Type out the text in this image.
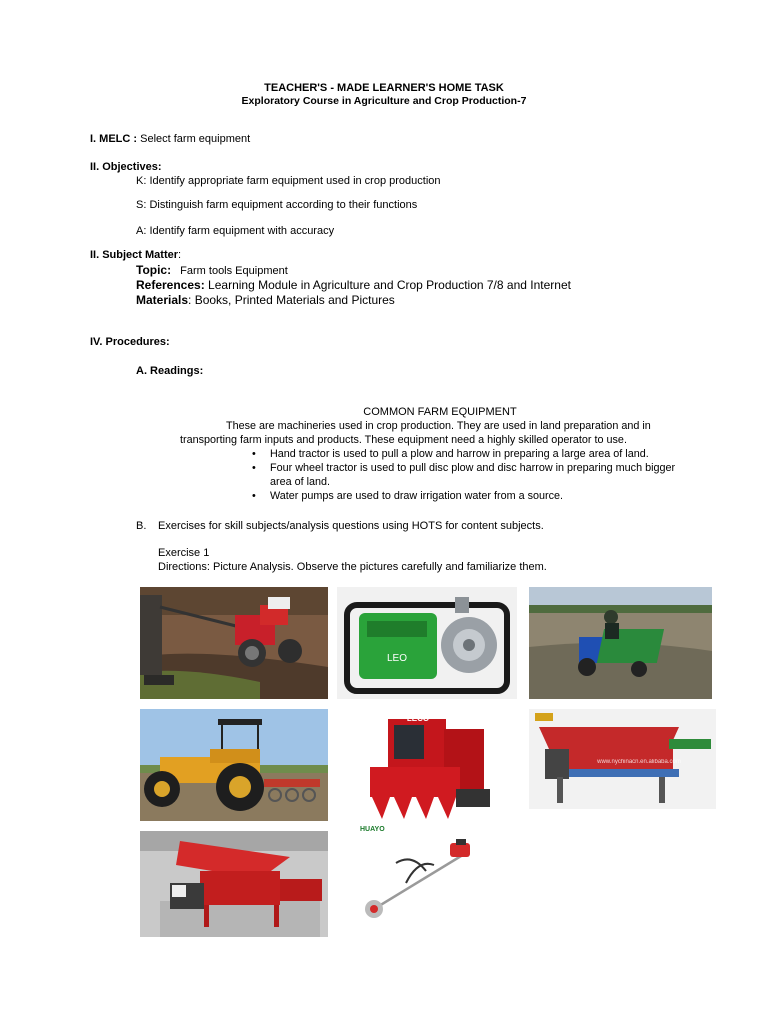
TEACHER'S - MADE LEARNER'S HOME TASK
Exploratory Course in Agriculture and Crop Production-7
I. MELC : Select farm equipment
II. Objectives:
K: Identify appropriate farm equipment used in crop production
S: Distinguish farm equipment according to their functions
A: Identify farm equipment with accuracy
II. Subject Matter:
Topic: Farm tools Equipment
References: Learning Module in Agriculture and Crop Production 7/8 and Internet
Materials: Books, Printed Materials and Pictures
IV. Procedures:
A. Readings:
COMMON FARM EQUIPMENT
These are machineries used in crop production. They are used in land preparation and in transporting farm inputs and products. These equipment need a highly skilled operator to use.
• Hand tractor is used to pull a plow and harrow in preparing a large area of land.
• Four wheel tractor is used to pull disc plow and disc harrow in preparing much bigger area of land.
• Water pumps are used to draw irrigation water from a source.
B. Exercises for skill subjects/analysis questions using HOTS for content subjects.
Exercise 1
Directions: Picture Analysis. Observe the pictures carefully and familiarize them.
LEO
LECO
www.nychinacn.en.alibaba.com
HUAYO
